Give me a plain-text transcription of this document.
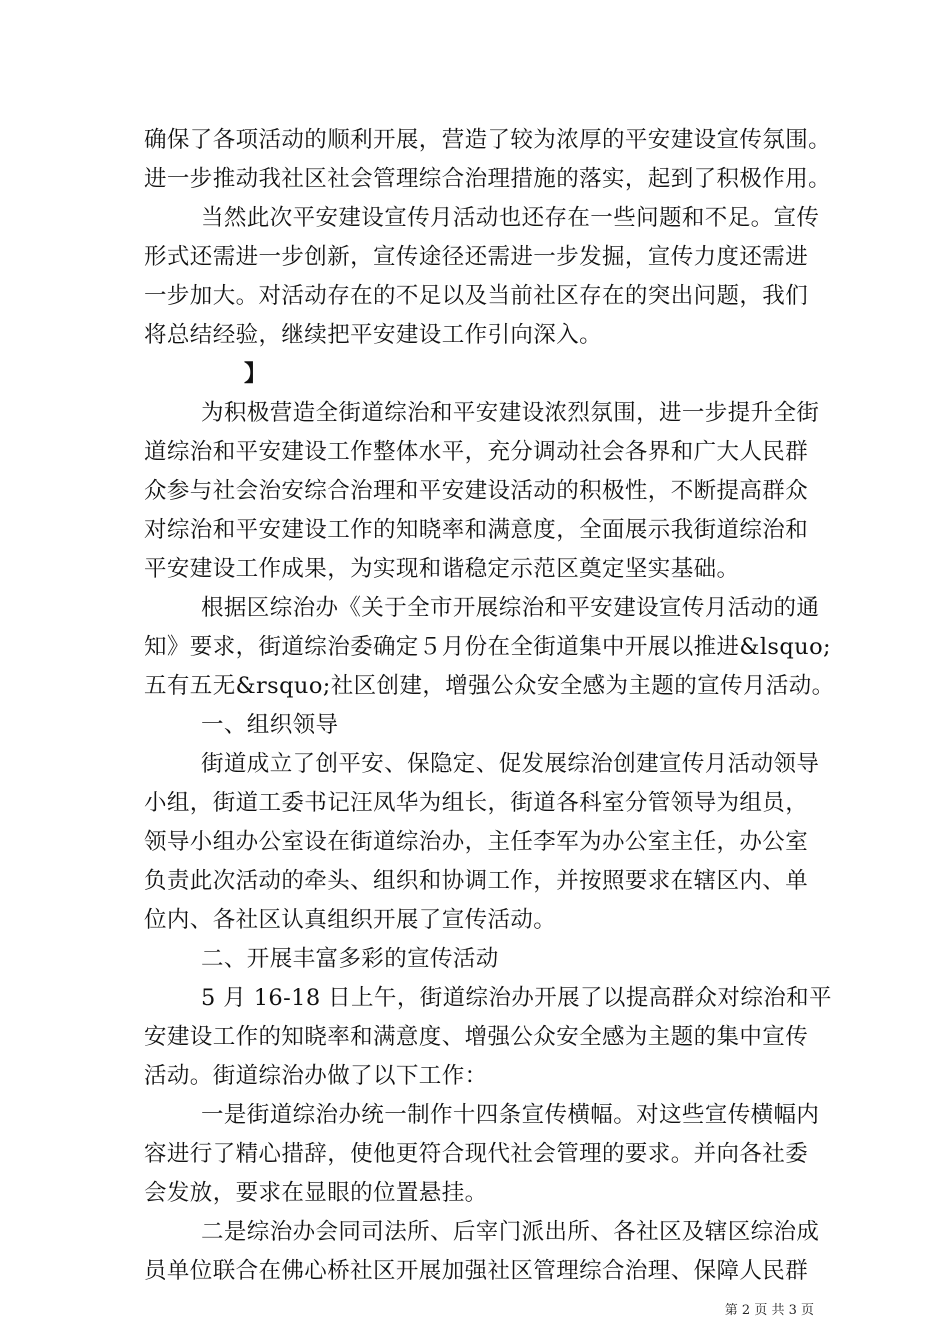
确保了各项活动的顺利开展，营造了较为浓厚的平安建设宣传氛围。
进一步推动我社区社会管理综合治理措施的落实，起到了积极作用。
当然此次平安建设宣传月活动也还存在一些问题和不足。宣传
形式还需进一步创新，宣传途径还需进一步发掘，宣传力度还需进
一步加大。对活动存在的不足以及当前社区存在的突出问题，我们
将总结经验，继续把平安建设工作引向深入。
】
为积极营造全街道综治和平安建设浓烈氛围，进一步提升全街
道综治和平安建设工作整体水平，充分调动社会各界和广大人民群
众参与社会治安综合治理和平安建设活动的积极性，不断提高群众
对综治和平安建设工作的知晓率和满意度，全面展示我街道综治和
平安建设工作成果，为实现和谐稳定示范区奠定坚实基础。
根据区综治办《关于全市开展综治和平安建设宣传月活动的通
知》要求，街道综治委确定５月份在全街道集中开展以推进&lsquo;
五有五无&rsquo;社区创建，增强公众安全感为主题的宣传月活动。
一、组织领导
街道成立了创平安、保隐定、促发展综治创建宣传月活动领导
小组，街道工委书记汪凤华为组长，街道各科室分管领导为组员，
领导小组办公室设在街道综治办，主任李军为办公室主任，办公室
负责此次活动的牵头、组织和协调工作，并按照要求在辖区内、单
位内、各社区认真组织开展了宣传活动。
二、开展丰富多彩的宣传活动
5 月 16-18 日上午，街道综治办开展了以提高群众对综治和平
安建设工作的知晓率和满意度、增强公众安全感为主题的集中宣传
活动。街道综治办做了以下工作：
一是街道综治办统一制作十四条宣传横幅。对这些宣传横幅内
容进行了精心措辞，使他更符合现代社会管理的要求。并向各社委
会发放，要求在显眼的位置悬挂。
二是综治办会同司法所、后宰门派出所、各社区及辖区综治成
员单位联合在佛心桥社区开展加强社区管理综合治理、保障人民群
第 2 页 共 3 页
